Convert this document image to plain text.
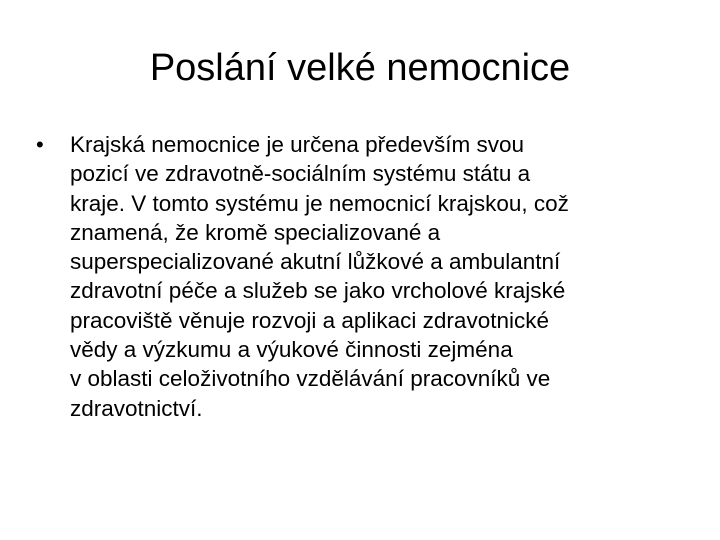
Poslání velké nemocnice
•	Krajská nemocnice je určena především svou
pozicí ve zdravotně-sociálním systému státu a
kraje. V tomto systému je nemocnicí krajskou, což
znamená, že kromě specializované a
superspecializované akutní lůžkové a ambulantní
zdravotní péče a služeb se jako vrcholové krajské
pracoviště věnuje rozvoji a aplikaci zdravotnické
vědy a výzkumu a výukové činnosti zejména
v oblasti celoživotního vzdělávání pracovníků ve
zdravotnictví.
